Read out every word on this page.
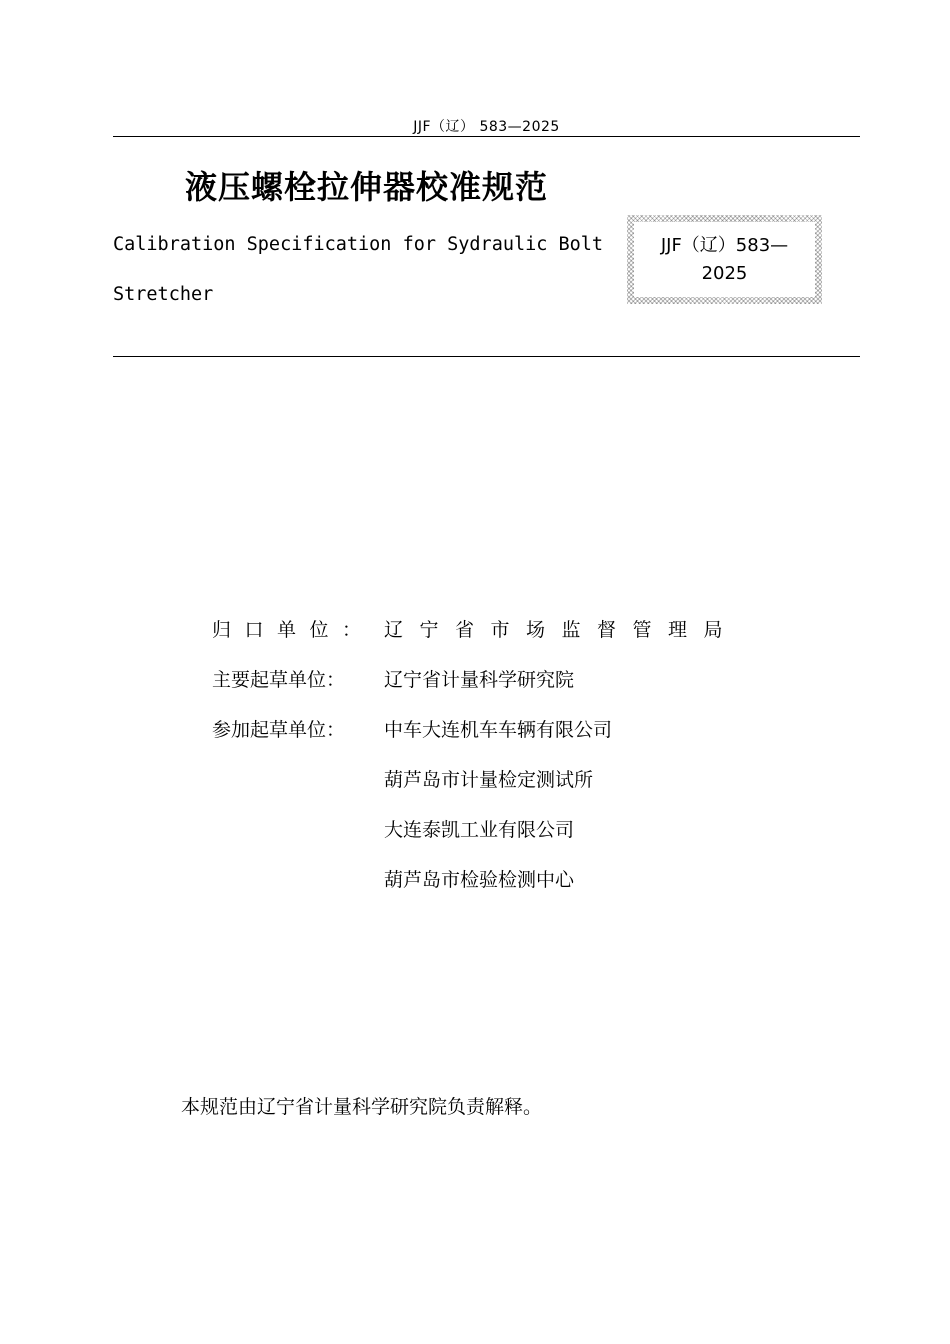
JJF（辽） 583—2025
液压螺栓拉伸器校准规范
Calibration Specification for Sydraulic Bolt
Stretcher
JJF（辽）583—
2025
归口单位： 辽宁省市场监督管理局
主要起草单位：	辽宁省计量科学研究院
参加起草单位：	中车大连机车车辆有限公司
葫芦岛市计量检定测试所
大连泰凯工业有限公司
葫芦岛市检验检测中心
本规范由辽宁省计量科学研究院负责解释。
